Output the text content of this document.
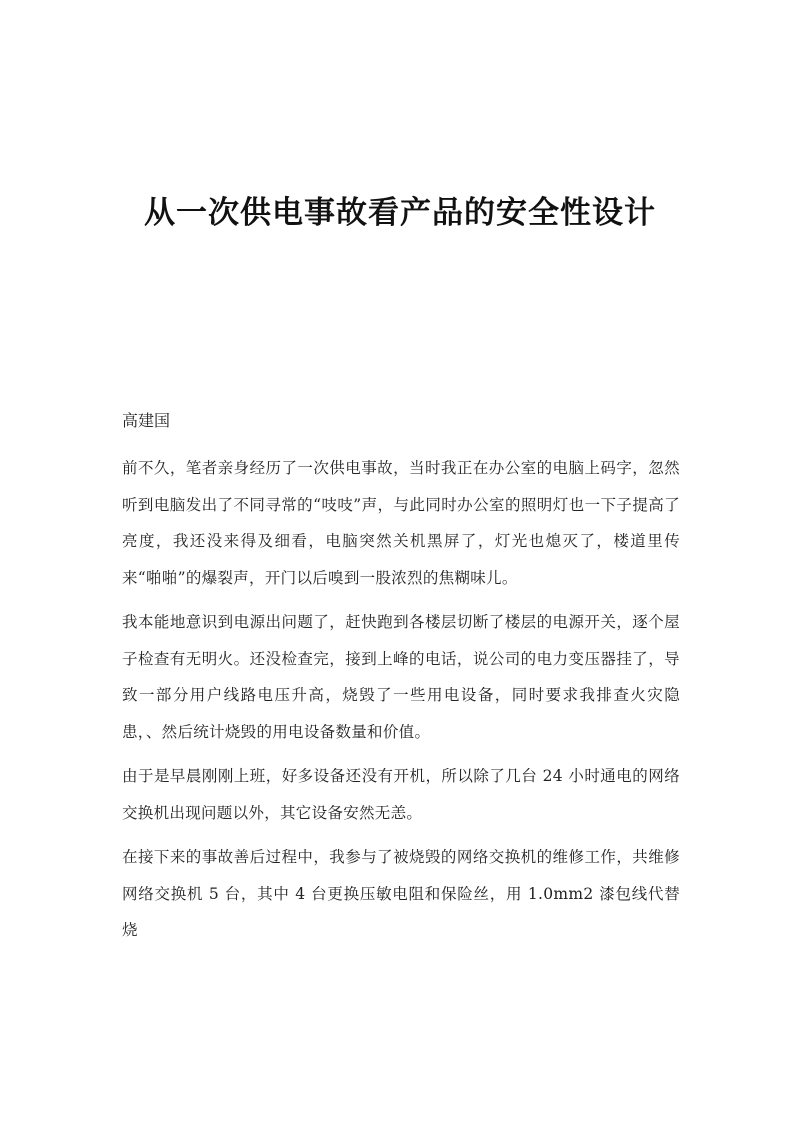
从一次供电事故看产品的安全性设计
高建国

前不久，笔者亲身经历了一次供电事故，当时我正在办公室的电脑上码字，忽然听到电脑发出了不同寻常的“吱吱”声，与此同时办公室的照明灯也一下子提高了亮度，我还没来得及细看，电脑突然关机黑屏了，灯光也熄灭了，楼道里传来“啪啪”的爆裂声，开门以后嗅到一股浓烈的焦糊味儿。

我本能地意识到电源出问题了，赶快跑到各楼层切断了楼层的电源开关，逐个屋子检查有无明火。还没检查完，接到上峰的电话，说公司的电力变压器挂了，导致一部分用户线路电压升高，烧毁了一些用电设备，同时要求我排查火灾隐患，、然后统计烧毁的用电设备数量和价值。

由于是早晨刚刚上班，好多设备还没有开机，所以除了几台 24 小时通电的网络交换机出现问题以外，其它设备安然无恙。

在接下来的事故善后过程中，我参与了被烧毁的网络交换机的维修工作，共维修网络交换机 5 台，其中 4 台更换压敏电阻和保险丝，用 1.0mm2 漆包线代替烧
